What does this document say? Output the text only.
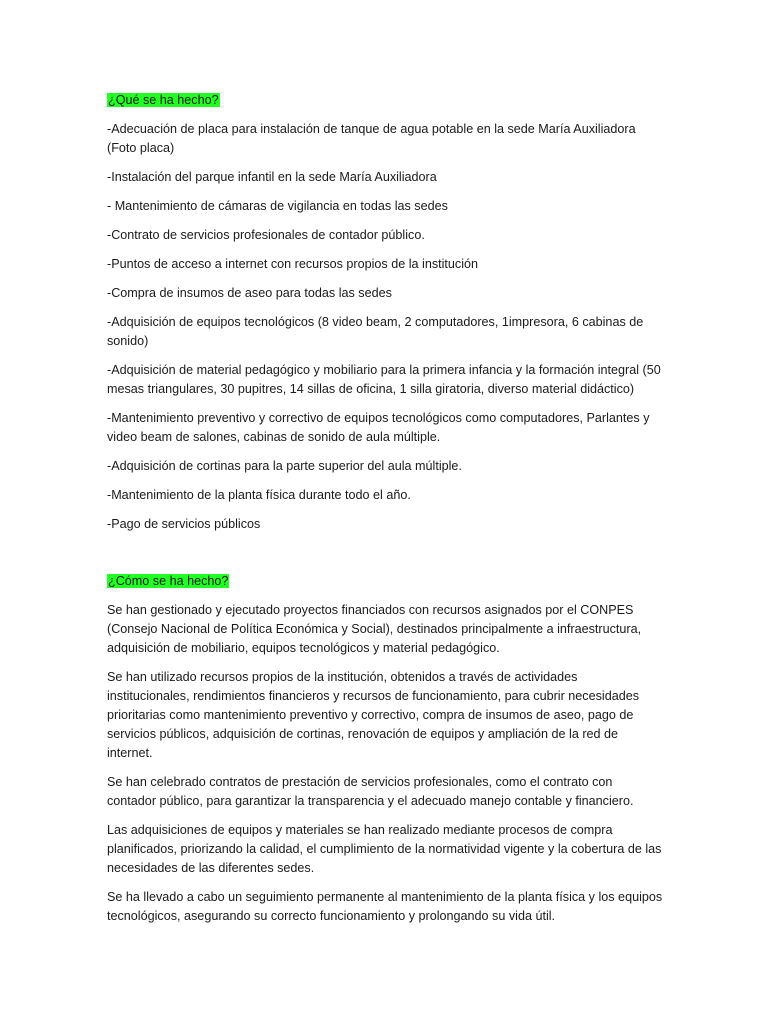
¿Qué se ha hecho?
-Adecuación de placa para instalación de tanque de agua potable en la sede María Auxiliadora (Foto placa)
-Instalación del parque infantil en la sede María Auxiliadora
- Mantenimiento de cámaras de vigilancia en todas las sedes
-Contrato de servicios profesionales de contador público.
-Puntos de acceso a internet con recursos propios de la institución
-Compra de insumos de aseo para todas las sedes
-Adquisición de equipos tecnológicos (8 video beam, 2 computadores, 1impresora, 6 cabinas de sonido)
-Adquisición de material pedagógico y mobiliario para la primera infancia y la formación integral (50 mesas triangulares, 30 pupitres, 14 sillas de oficina, 1 silla giratoria, diverso material didáctico)
-Mantenimiento preventivo y correctivo de equipos tecnológicos como computadores, Parlantes y video beam de salones, cabinas de sonido de aula múltiple.
-Adquisición de cortinas para la parte superior del aula múltiple.
-Mantenimiento de la planta física durante todo el año.
-Pago de servicios públicos
¿Cómo se ha hecho?
Se han gestionado y ejecutado proyectos financiados con recursos asignados por el CONPES (Consejo Nacional de Política Económica y Social), destinados principalmente a infraestructura, adquisición de mobiliario, equipos tecnológicos y material pedagógico.
Se han utilizado recursos propios de la institución, obtenidos a través de actividades institucionales, rendimientos financieros y recursos de funcionamiento, para cubrir necesidades prioritarias como mantenimiento preventivo y correctivo, compra de insumos de aseo, pago de servicios públicos, adquisición de cortinas, renovación de equipos y ampliación de la red de internet.
Se han celebrado contratos de prestación de servicios profesionales, como el contrato con contador público, para garantizar la transparencia y el adecuado manejo contable y financiero.
Las adquisiciones de equipos y materiales se han realizado mediante procesos de compra planificados, priorizando la calidad, el cumplimiento de la normatividad vigente y la cobertura de las necesidades de las diferentes sedes.
Se ha llevado a cabo un seguimiento permanente al mantenimiento de la planta física y los equipos tecnológicos, asegurando su correcto funcionamiento y prolongando su vida útil.
